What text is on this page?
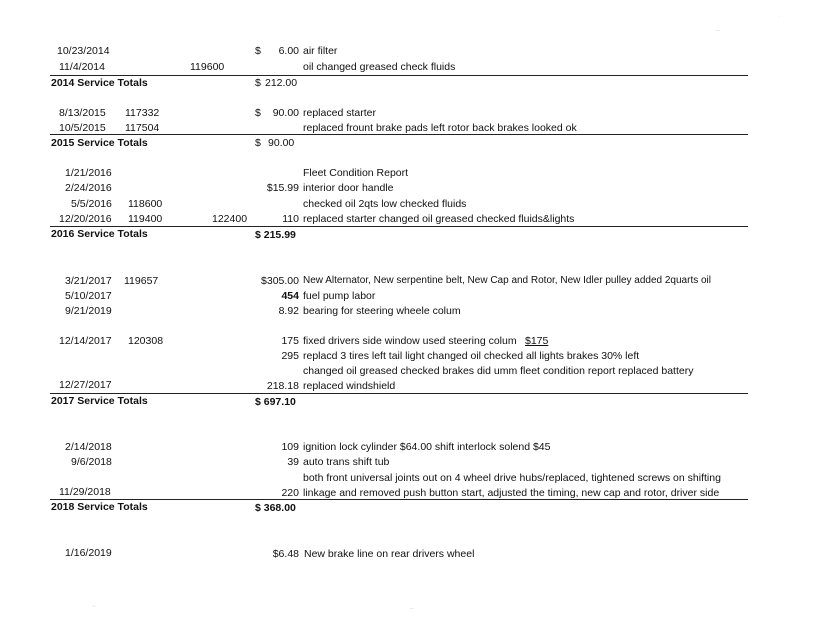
–
·
~	–
10/23/2014	$	6.00 air filter
11/4/2014	119600	oil changed greased check fluids
2014 Service Totals	$ 212.00
8/13/2015 117332	$	90.00 replaced starter
10/5/2015 117504	replaced frount brake pads left rotor back brakes looked ok
2015 Service Totals	$ 90.00
1/21/2016	Fleet Condition Report
2/24/2016	$15.99 interior door handle
5/5/2016 118600	checked oil 2qts low checked fluids
12/20/2016 119400	122400	110 replaced starter changed oil greased checked fluids&lights
2016 Service Totals	$ 215.99
3/21/2017 119657	$305.00 New Alternator, New serpentine belt, New Cap and Rotor, New Idler pulley added 2quarts oil
5/10/2017	454 fuel pump labor
9/21/2019	8.92 bearing for steering wheele colum
12/14/2017 120308	175 fixed drivers side window used steering colum $175
295 replacd 3 tires left tail light changed oil checked all lights brakes 30% left
changed oil greased checked brakes did umm fleet condition report replaced battery
12/27/2017	218.18 replaced windshield
2017 Service Totals	$ 697.10
2/14/2018	109 ignition lock cylinder $64.00 shift interlock solend $45
9/6/2018	39 auto trans shift tub
both front universal joints out on 4 wheel drive hubs/replaced, tightened screws on shifting
11/29/2018	220 linkage and removed push button start, adjusted the timing, new cap and rotor, driver side
2018 Service Totals	$ 368.00
1/16/2019	$6.48 New brake line on rear drivers wheel
